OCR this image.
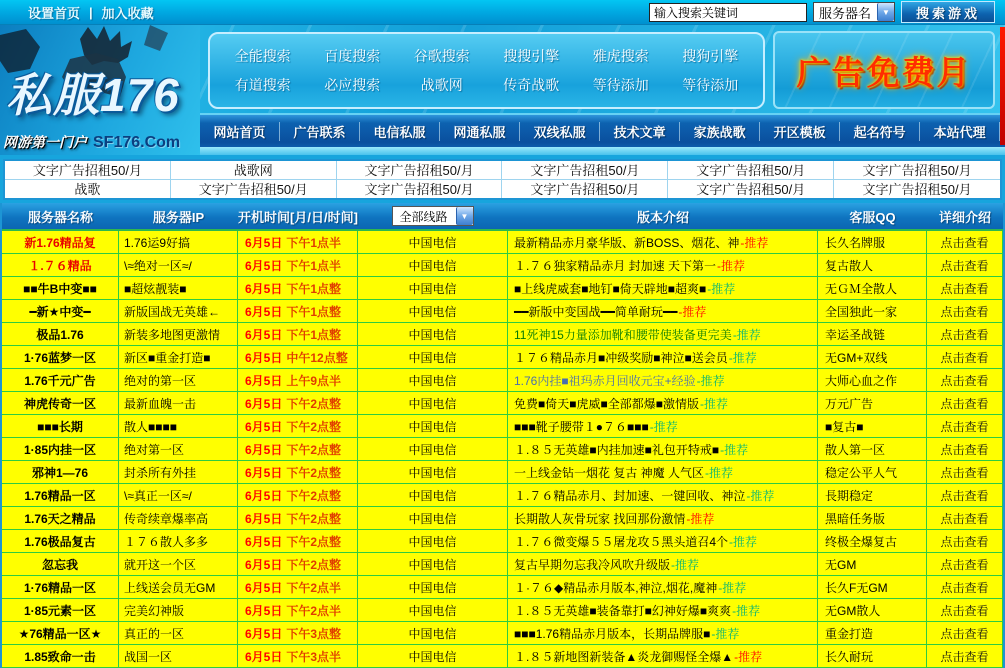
设置首页 | 加入收藏
输入搜索关键词	服务器名	▼	搜索游戏
私服176
网游第一门户 SF176.Com
全能搜索	百度搜索	谷歌搜索	搜搜引擎	雅虎搜索	搜狗引擎
有道搜索	必应搜索	战歌网	传奇战歌	等待添加	等待添加	广告免费月
网站首页	广告联系	电信私服	网通私服	双线私服	技术文章	家族战歌	开区模板	起名符号	本站代理
文字广告招租50/月	战歌网	文字广告招租50/月	文字广告招租50/月	文字广告招租50/月	文字广告招租50/月
战歌	文字广告招租50/月	文字广告招租50/月	文字广告招租50/月	文字广告招租50/月	文字广告招租50/月
服务器名称	服务器IP	开机时间[月/日/时间]	全部线路	▼	版本介绍	客服QQ	详细介绍
新1.76精品复	1.76运9好搞	6月5日 下午1点半	中国电信	最新精品赤月豪华版、新BOSS、烟花、神 -推荐	长久名牌服	点击查看
１.７６精品	\≈绝对一区≈/	6月5日 下午1点半	中国电信	１.７６独家精品赤月 封加速 天下第一 -推荐	复古散人	点击查看
■■牛B中变■■	■超炫靓装■	6月5日 下午1点整	中国电信	■上线虎威套■地钉■倚天辟地■超爽■ -推荐	无ＧＭ全散人	点击查看
━新★中变━	新版国战无英雄←	6月5日 下午1点整	中国电信	━━新版中变国战━━简单耐玩━━ -推荐	全国独此一家	点击查看
极品1.76	新装多地图更激情	6月5日 下午1点整	中国电信	11死神15力量添加靴和腰带使装备更完美 -推荐	幸运圣战链	点击查看
1·76蓝梦一区	新区■重金打造■	6月5日 中午12点整	中国电信	１７６精品赤月■冲级奖励■神泣■送会员 -推荐	无GM+双线	点击查看
1.76千元广告	绝对的第一区	6月5日 上午9点半	中国电信	1.76内挂■祖玛赤月回收元宝+经验 -推荐	大师心血之作	点击查看
神虎传奇一区	最新血魄一击	6月5日 下午2点整	中国电信	免费■倚天■虎威■全部都爆■激情版 -推荐	万元广告	点击查看
■■■长期	散人■■■■	6月5日 下午2点整	中国电信	■■■靴子腰带１●７６■■■ -推荐	■复古■	点击查看
1·85内挂一区	绝对第一区	6月5日 下午2点整	中国电信	１.８５无英雄■内挂加速■礼包开特戒■ -推荐	散人第一区	点击查看
邪神1—76	封杀所有外挂	6月5日 下午2点整	中国电信	一上线金钻一烟花 复古 神魔 人气区 -推荐	稳定公平人气	点击查看
1.76精品一区	\≈真正一区≈/	6月5日 下午2点整	中国电信	１.７６精品赤月、封加速、一键回收、神泣 -推荐	長期稳定	点击查看
1.76天之精品	传奇续章爆率高	6月5日 下午2点整	中国电信	长期散人灰骨玩家 找回那份激情 -推荐	黑暗任务版	点击查看
1.76极品复古	１７６散人多多	6月5日 下午2点整	中国电信	１.７６微变爆５５屠龙攻５黑头道召4个 -推荐	终极全爆复古	点击查看
忽忘我	就开这一个区	6月5日 下午2点整	中国电信	复古早期勿忘我冷风吹升级版 -推荐	无GM	点击查看
1·76精品一区	上线送会员无GM	6月5日 下午2点半	中国电信	１·７６◆精品赤月版本,神泣,烟花,魔神 -推荐	长久F无GM	点击查看
1·85元素一区	完美幻神版	6月5日 下午2点半	中国电信	１.８５无英雄■装备靠打■幻神好爆■爽爽 -推荐	无GM散人	点击查看
★76精品一区★	真正的一区	6月5日 下午3点整	中国电信	■■■1.76精品赤月版本，长期品牌服■ -推荐	重金打造	点击查看
1.85致命一击	战国一区	6月5日 下午3点半	中国电信	１.８５新地图新装备▲炎龙御赐怪全爆▲ -推荐	长久耐玩	点击查看
